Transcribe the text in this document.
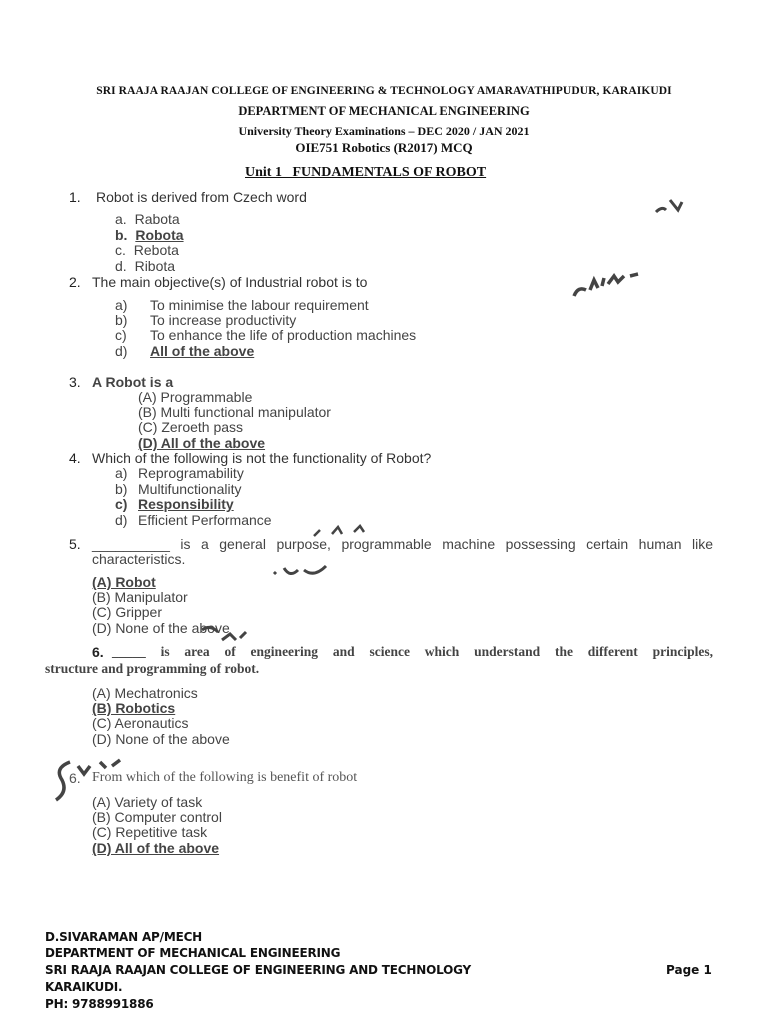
SRI RAAJA RAAJAN COLLEGE OF ENGINEERING & TECHNOLOGY AMARAVATHIPUDUR, KARAIKUDI
DEPARTMENT OF MECHANICAL ENGINEERING
University Theory Examinations – DEC 2020 / JAN 2021
OIE751 Robotics (R2017) MCQ
Unit 1   FUNDAMENTALS OF ROBOT
1. Robot is derived from Czech word
a. Rabota
b. Robota
c. Rebota
d. Ribota
2. The main objective(s) of Industrial robot is to
a) To minimise the labour requirement
b) To increase productivity
c) To enhance the life of production machines
d) All of the above
3. A Robot is a
(A) Programmable
(B) Multi functional manipulator
(C) Zeroeth pass
(D) All of the above
4. Which of the following is not the functionality of Robot?
a) Reprogramability
b) Multifunctionality
c) Responsibility
d) Efficient Performance
5. __________ is a general purpose, programmable machine possessing certain human like
characteristics.
(A) Robot
(B) Manipulator
(C) Gripper
(D) None of the above
6. _____ is area of engineering and science which understand the different principles,
structure and programming of robot.
(A) Mechatronics
(B) Robotics
(C) Aeronautics
(D) None of the above
6. From which of the following is benefit of robot
(A) Variety of task
(B) Computer control
(C) Repetitive task
(D) All of the above
D.SIVARAMAN AP/MECH
DEPARTMENT OF MECHANICAL ENGINEERING
SRI RAAJA RAAJAN COLLEGE OF ENGINEERING AND TECHNOLOGY
KARAIKUDI.
PH: 9788991886
Page 1
